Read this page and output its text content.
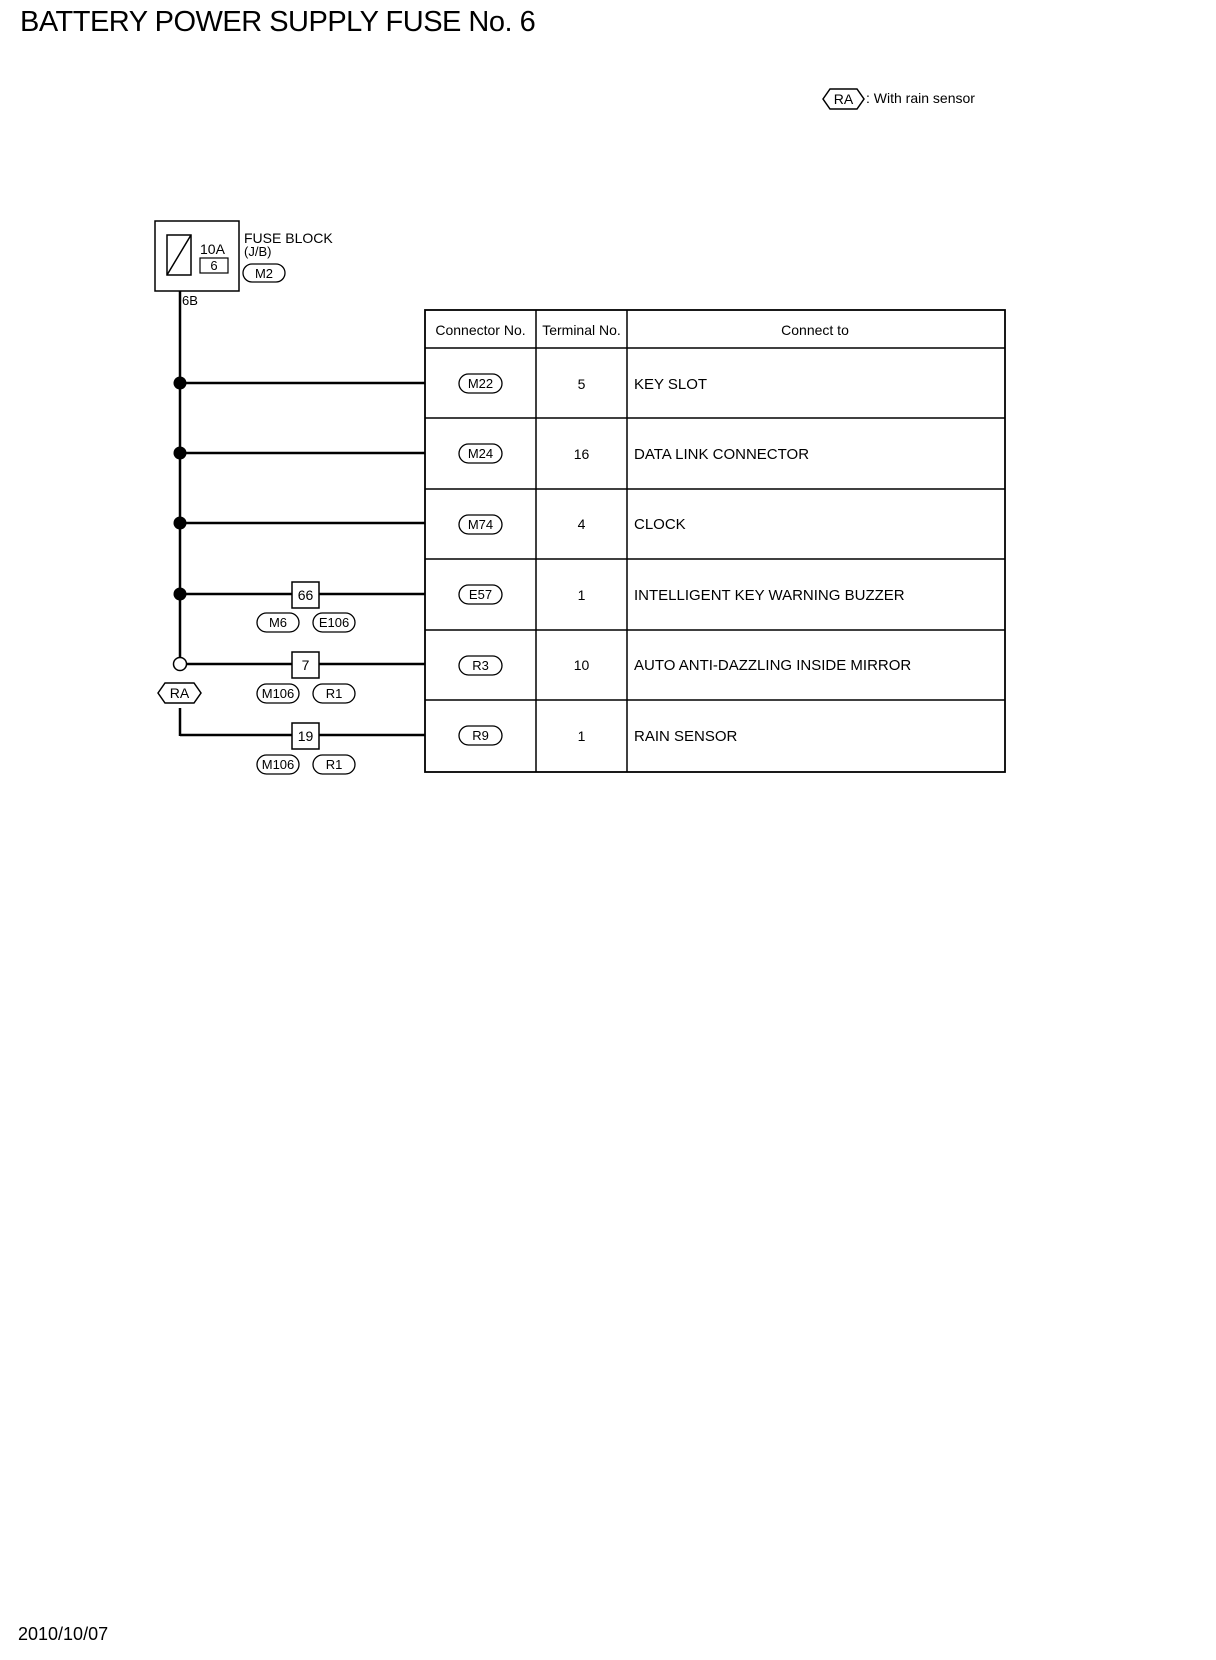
BATTERY POWER SUPPLY FUSE No. 6
RA : With rain sensor
10A
6
FUSE BLOCK
(J/B)
M2
6B
RA
66
M6 E106
7
M106 R1
19
M106 R1
Connector No. Terminal No.	Connect to
M22	5	KEY SLOT
M24	16	DATA LINK CONNECTOR
M74	4	CLOCK
E57	1	INTELLIGENT KEY WARNING BUZZER
R3	10	AUTO ANTI-DAZZLING INSIDE MIRROR
R9	1	RAIN SENSOR
2010/10/07
